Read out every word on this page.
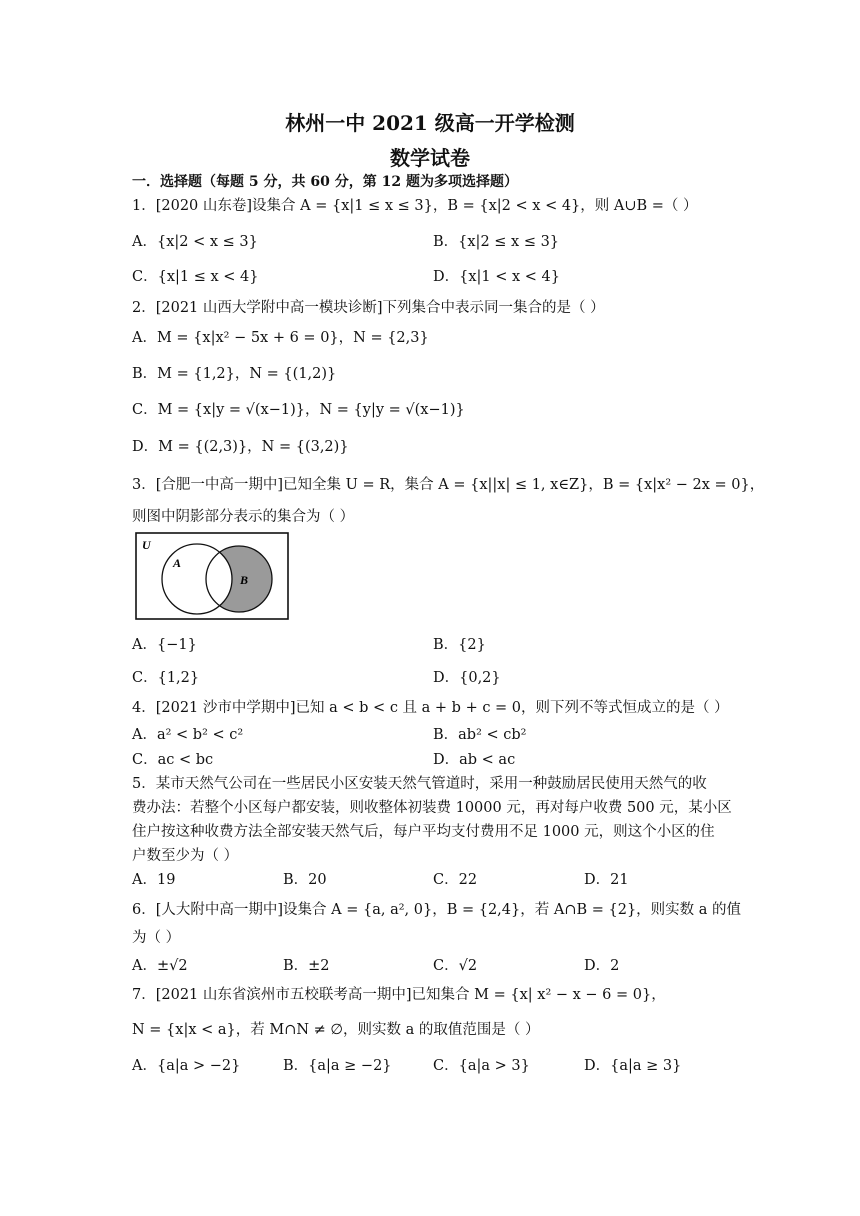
林州一中 2021 级高一开学检测
数学试卷
一．选择题（每题 5 分，共 60 分，第 12 题为多项选择题）
1．[2020 山东卷]设集合 A = {x|1 ≤ x ≤ 3}，B = {x|2 < x < 4}，则 A∪B =（ ）
A．{x|2 < x ≤ 3}	B．{x|2 ≤ x ≤ 3}
C．{x|1 ≤ x < 4}	D．{x|1 < x < 4}
2．[2021 山西大学附中高一模块诊断]下列集合中表示同一集合的是（ ）
A．M = {x|x² − 5x + 6 = 0}，N = {2,3}
B．M = {1,2}，N = {(1,2)}
C．M = {x|y = √(x−1)}，N = {y|y = √(x−1)}
D．M = {(2,3)}，N = {(3,2)}
3．[合肥一中高一期中]已知全集 U = R，集合 A = {x||x| ≤ 1, x∈Z}，B = {x|x² − 2x = 0}，
则图中阴影部分表示的集合为（ ）
U
A
B
A．{−1}	B．{2}
C．{1,2}	D．{0,2}
4．[2021 沙市中学期中]已知 a < b < c 且 a + b + c = 0，则下列不等式恒成立的是（ ）
A．a² < b² < c²	B．ab² < cb²
C．ac < bc	D．ab < ac
5．某市天然气公司在一些居民小区安装天然气管道时，采用一种鼓励居民使用天然气的收
费办法：若整个小区每户都安装，则收整体初装费 10000 元，再对每户收费 500 元，某小区
住户按这种收费方法全部安装天然气后，每户平均支付费用不足 1000 元，则这个小区的住
户数至少为（ ）
A．19	B．20	C．22	D．21
6．[人大附中高一期中]设集合 A = {a, a², 0}，B = {2,4}，若 A∩B = {2}，则实数 a 的值
为（ ）
A．±√2	B．±2	C．√2	D．2
7．[2021 山东省滨州市五校联考高一期中]已知集合 M = {x| x² − x − 6 = 0}，
N = {x|x < a}，若 M∩N ≠ ∅，则实数 a 的取值范围是（ ）
A．{a|a > −2}	B．{a|a ≥ −2}	C．{a|a > 3}	D．{a|a ≥ 3}
